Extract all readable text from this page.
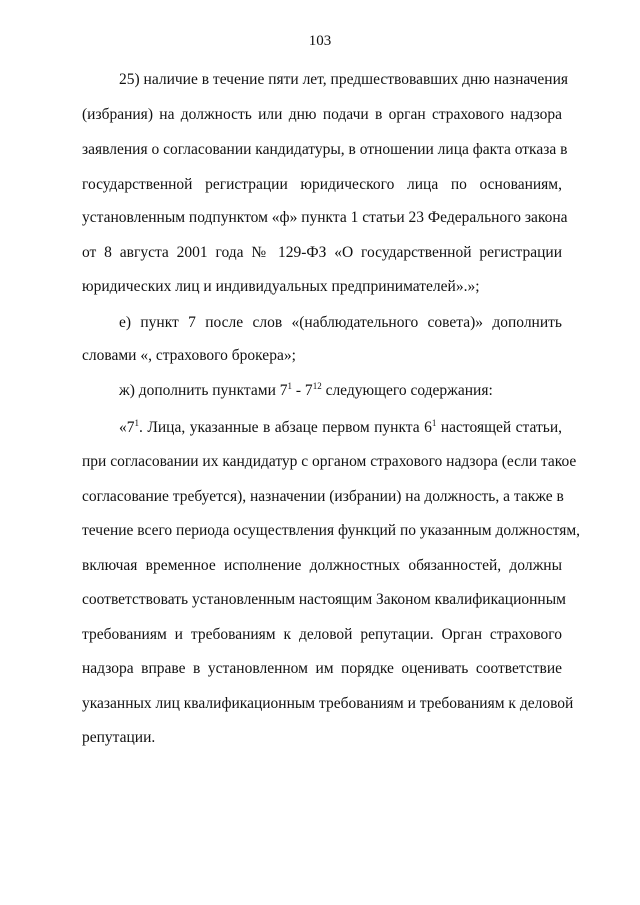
103
25) наличие в течение пяти лет, предшествовавших дню назначения
(избрания) на должность или дню подачи в орган страхового надзора
заявления о согласовании кандидатуры, в отношении лица факта отказа в
государственной регистрации юридического лица по основаниям,
установленным подпунктом «ф» пункта 1 статьи 23 Федерального закона
от 8 августа 2001 года № 129-ФЗ «О государственной регистрации
юридических лиц и индивидуальных предпринимателей».»;
е) пункт 7 после слов «(наблюдательного совета)» дополнить
словами «, страхового брокера»;
ж) дополнить пунктами $7^1 - 7^{12}$ следующего содержания:
«$7^1$. Лица, указанные в абзаце первом пункта $6^1$ настоящей статьи,
при согласовании их кандидатур с органом страхового надзора (если такое
согласование требуется), назначении (избрании) на должность, а также в
течение всего периода осуществления функций по указанным должностям,
включая временное исполнение должностных обязанностей, должны
соответствовать установленным настоящим Законом квалификационным
требованиям и требованиям к деловой репутации. Орган страхового
надзора вправе в установленном им порядке оценивать соответствие
указанных лиц квалификационным требованиям и требованиям к деловой
репутации.
